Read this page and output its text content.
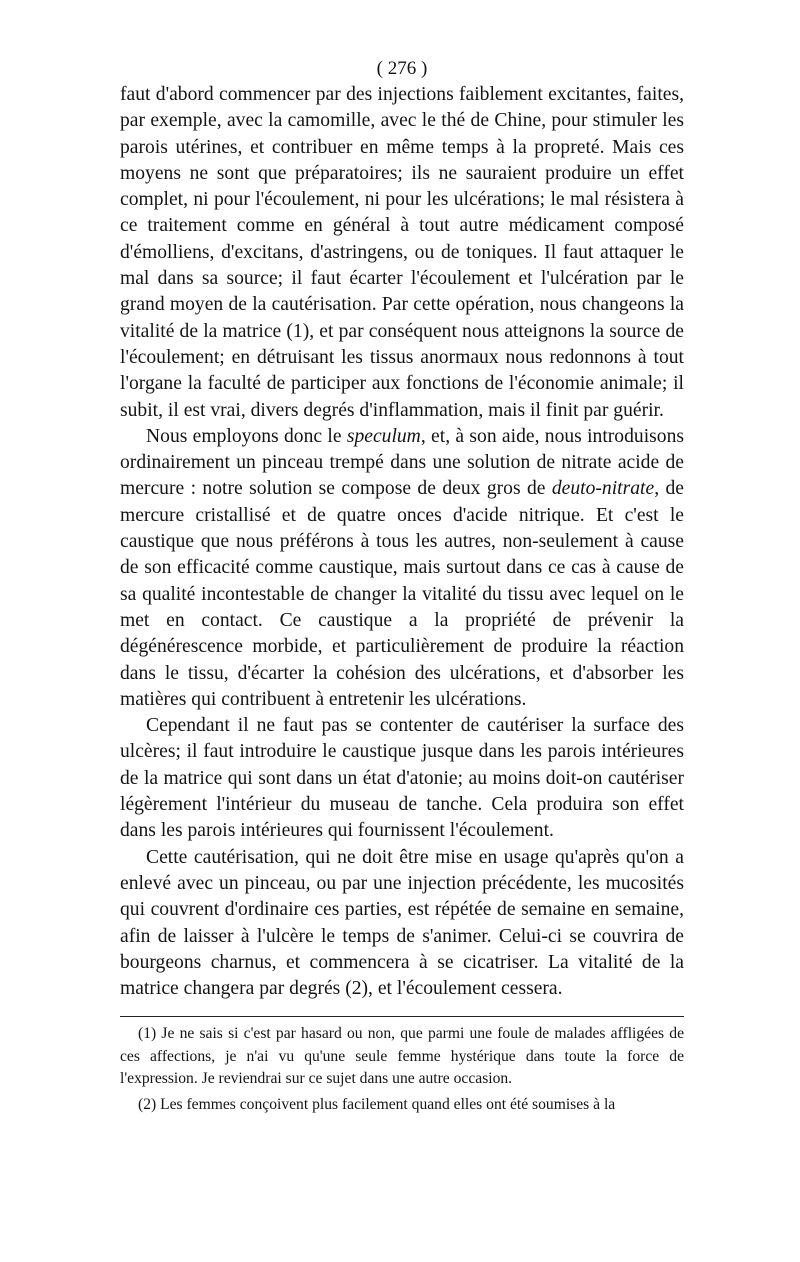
( 276 )

faut d'abord commencer par des injections faiblement excitantes, faites, par exemple, avec la camomille, avec le thé de Chine, pour stimuler les parois utérines, et contribuer en même temps à la propreté. Mais ces moyens ne sont que préparatoires; ils ne sauraient produire un effet complet, ni pour l'écoulement, ni pour les ulcérations; le mal résistera à ce traitement comme en général à tout autre médicament composé d'émolliens, d'excitans, d'astringens, ou de toniques. Il faut attaquer le mal dans sa source; il faut écarter l'écoulement et l'ulcération par le grand moyen de la cautérisation. Par cette opération, nous changeons la vitalité de la matrice (1), et par conséquent nous atteignons la source de l'écoulement; en détruisant les tissus anormaux nous redonnons à tout l'organe la faculté de participer aux fonctions de l'économie animale; il subit, il est vrai, divers degrés d'inflammation, mais il finit par guérir.

Nous employons donc le speculum, et, à son aide, nous introduisons ordinairement un pinceau trempé dans une solution de nitrate acide de mercure : notre solution se compose de deux gros de deuto-nitrate, de mercure cristallisé et de quatre onces d'acide nitrique. Et c'est le caustique que nous préférons à tous les autres, non-seulement à cause de son efficacité comme caustique, mais surtout dans ce cas à cause de sa qualité incontestable de changer la vitalité du tissu avec lequel on le met en contact. Ce caustique a la propriété de prévenir la dégénérescence morbide, et particulièrement de produire la réaction dans le tissu, d'écarter la cohésion des ulcérations, et d'absorber les matières qui contribuent à entretenir les ulcérations.

Cependant il ne faut pas se contenter de cautériser la surface des ulcères; il faut introduire le caustique jusque dans les parois intérieures de la matrice qui sont dans un état d'atonie; au moins doit-on cautériser légèrement l'intérieur du museau de tanche. Cela produira son effet dans les parois intérieures qui fournissent l'écoulement.

Cette cautérisation, qui ne doit être mise en usage qu'après qu'on a enlevé avec un pinceau, ou par une injection précédente, les mucosités qui couvrent d'ordinaire ces parties, est répétée de semaine en semaine, afin de laisser à l'ulcère le temps de s'animer. Celui-ci se couvrira de bourgeons charnus, et commencera à se cicatriser. La vitalité de la matrice changera par degrés (2), et l'écoulement cessera.

(1) Je ne sais si c'est par hasard ou non, que parmi une foule de malades affligées de ces affections, je n'ai vu qu'une seule femme hystérique dans toute la force de l'expression. Je reviendrai sur ce sujet dans une autre occasion.

(2) Les femmes conçoivent plus facilement quand elles ont été soumises à la
